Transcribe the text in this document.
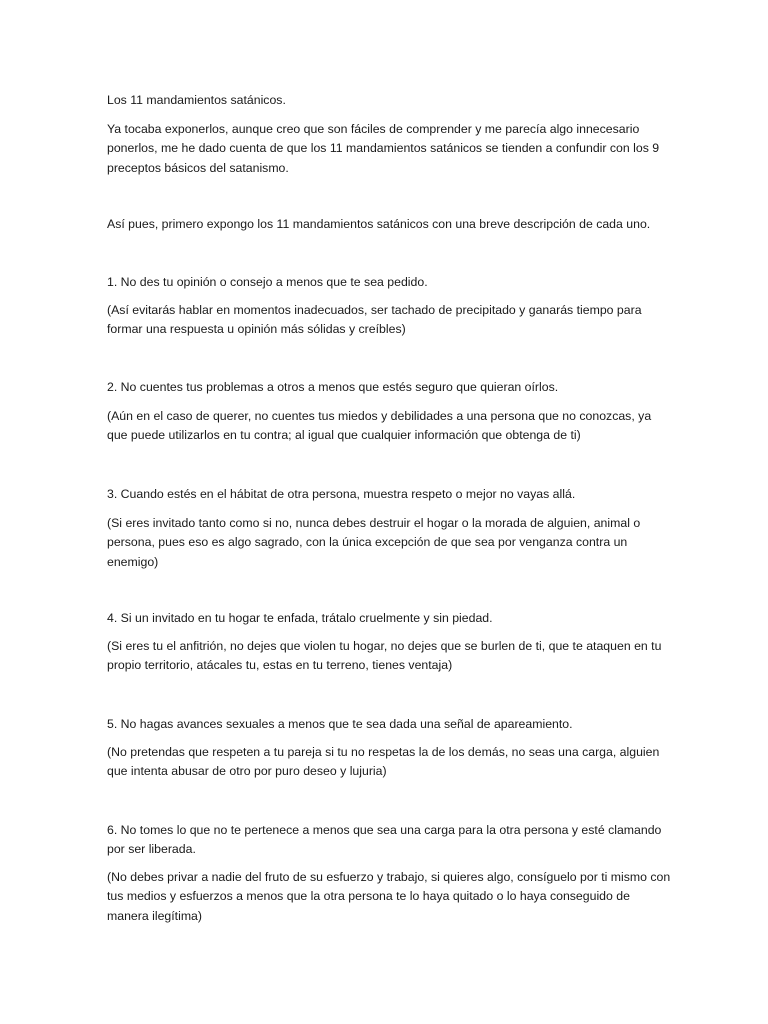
Los 11 mandamientos satánicos.

Ya tocaba exponerlos, aunque creo que son fáciles de comprender y me parecía algo innecesario ponerlos, me he dado cuenta de que los 11 mandamientos satánicos se tienden a confundir con los 9 preceptos básicos del satanismo.

Así pues, primero expongo los 11 mandamientos satánicos con una breve descripción de cada uno.

1. No des tu opinión o consejo a menos que te sea pedido.

(Así evitarás hablar en momentos inadecuados, ser tachado de precipitado y ganarás tiempo para formar una respuesta u opinión más sólidas y creíbles)

2. No cuentes tus problemas a otros a menos que estés seguro que quieran oírlos.

(Aún en el caso de querer, no cuentes tus miedos y debilidades a una persona que no conozcas, ya que puede utilizarlos en tu contra; al igual que cualquier información que obtenga de ti)

3. Cuando estés en el hábitat de otra persona, muestra respeto o mejor no vayas allá.

(Si eres invitado tanto como si no, nunca debes destruir el hogar o la morada de alguien, animal o persona, pues eso es algo sagrado, con la única excepción de que sea por venganza contra un enemigo)

4. Si un invitado en tu hogar te enfada, trátalo cruelmente y sin piedad.

(Si eres tu el anfitrión, no dejes que violen tu hogar, no dejes que se burlen de ti, que te ataquen en tu propio territorio, atácales tu, estas en tu terreno, tienes ventaja)

5. No hagas avances sexuales a menos que te sea dada una señal de apareamiento.

(No pretendas que respeten a tu pareja si tu no respetas la de los demás, no seas una carga, alguien que intenta abusar de otro por puro deseo y lujuria)

6. No tomes lo que no te pertenece a menos que sea una carga para la otra persona y esté clamando por ser liberada.

(No debes privar a nadie del fruto de su esfuerzo y trabajo, si quieres algo, consíguelo por ti mismo con tus medios y esfuerzos a menos que la otra persona te lo haya quitado o lo haya conseguido de manera ilegítima)
